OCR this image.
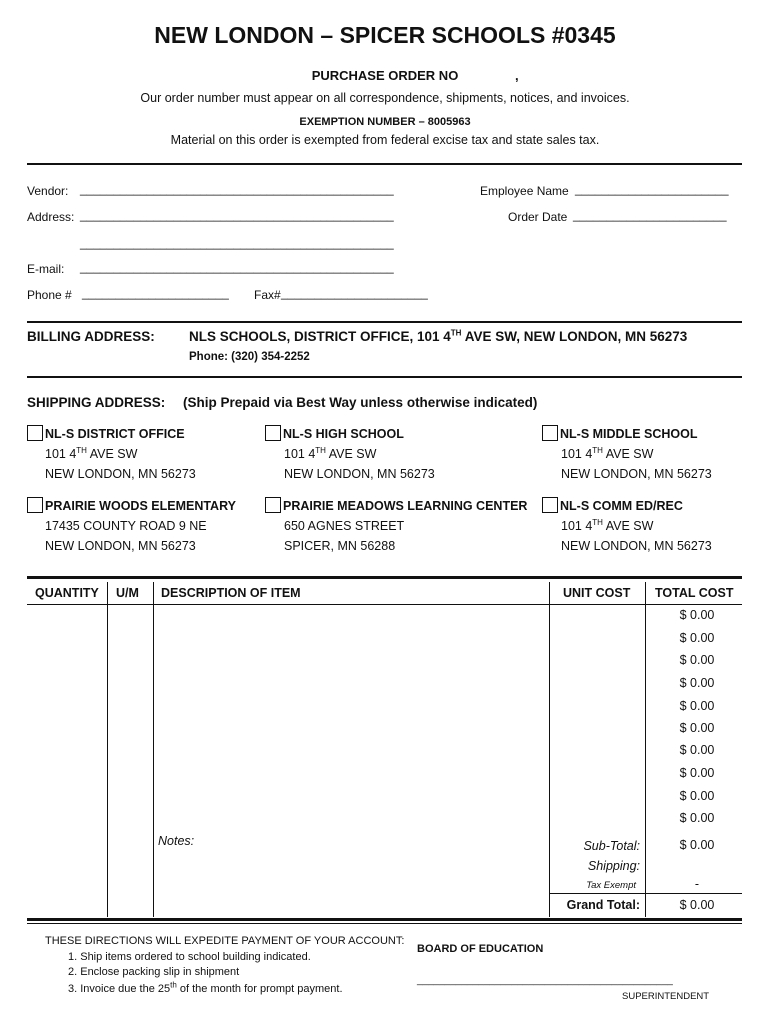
NEW LONDON – SPICER SCHOOLS #0345
PURCHASE ORDER NO	,
Our order number must appear on all correspondence, shipments, notices, and invoices.
EXEMPTION NUMBER – 8005963
Material on this order is exempted from federal excise tax and state sales tax.
Vendor: _______________________________________________
Address: _______________________________________________
_______________________________________________
E-mail: _______________________________________________
Phone # ______________________ Fax# ______________________
Employee Name _______________________
Order Date _______________________
BILLING ADDRESS:	NLS SCHOOLS, DISTRICT OFFICE, 101 4TH AVE SW, NEW LONDON, MN 56273
Phone: (320) 354-2252
SHIPPING ADDRESS: (Ship Prepaid via Best Way unless otherwise indicated)
NL-S DISTRICT OFFICE
101 4TH AVE SW
NEW LONDON, MN 56273
NL-S HIGH SCHOOL
101 4TH AVE SW
NEW LONDON, MN 56273
NL-S MIDDLE SCHOOL
101 4TH AVE SW
NEW LONDON, MN 56273
PRAIRIE WOODS ELEMENTARY
17435 COUNTY ROAD 9 NE
NEW LONDON, MN 56273
PRAIRIE MEADOWS LEARNING CENTER
650 AGNES STREET
SPICER, MN 56288
NL-S COMM ED/REC
101 4TH AVE SW
NEW LONDON, MN 56273
QUANTITY U/M DESCRIPTION OF ITEM	UNIT COST TOTAL COST
$ 0.00
$ 0.00
$ 0.00
$ 0.00
$ 0.00
$ 0.00
$ 0.00
$ 0.00
$ 0.00
$ 0.00
Notes:	Sub-Total:	$ 0.00
Shipping:
Tax Exempt	-
Grand Total:	$ 0.00
THESE DIRECTIONS WILL EXPEDITE PAYMENT OF YOUR ACCOUNT:
1. Ship items ordered to school building indicated.
2. Enclose packing slip in shipment
3. Invoice due the 25th of the month for prompt payment.
BOARD OF EDUCATION
______________________________________________
SUPERINTENDENT
